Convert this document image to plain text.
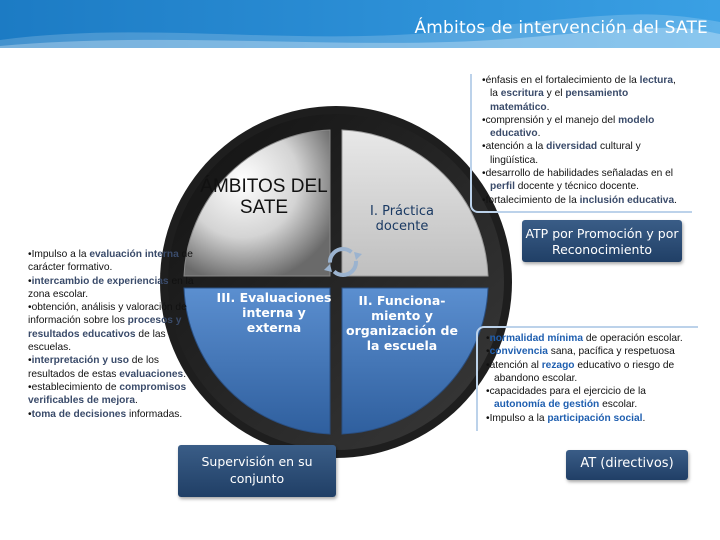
Ámbitos de intervención del SATE
ÁMBITOS DEL SATE	I. Práctica docente
II. Funciona-miento y organización de la escuela
III. Evaluaciones interna y externa
•énfasis en el fortalecimiento de la lectura, la escritura y el pensamiento matemático.
•comprensión y el manejo del modelo educativo.
•atención a la diversidad cultural y lingüística.
•desarrollo de habilidades señaladas en el perfil docente y técnico docente.
•fortalecimiento de la inclusión educativa.
•Impulso a la evaluación interna de carácter formativo.
•intercambio de experiencias en la zona escolar.
•obtención, análisis y valoración de información sobre los procesos y resultados educativos de las escuelas.
•interpretación y uso de los resultados de estas evaluaciones.
•establecimiento de compromisos verificables de mejora.
•toma de decisiones informadas.
•normalidad mínima de operación escolar.
•convivencia sana, pacífica y respetuosa
•atención al rezago educativo o riesgo de abandono escolar.
•capacidades para el ejercicio de la autonomía de gestión escolar.
•Impulso a la participación social.
ATP por Promoción y por Reconocimiento
Supervisión en su conjunto
AT (directivos)
